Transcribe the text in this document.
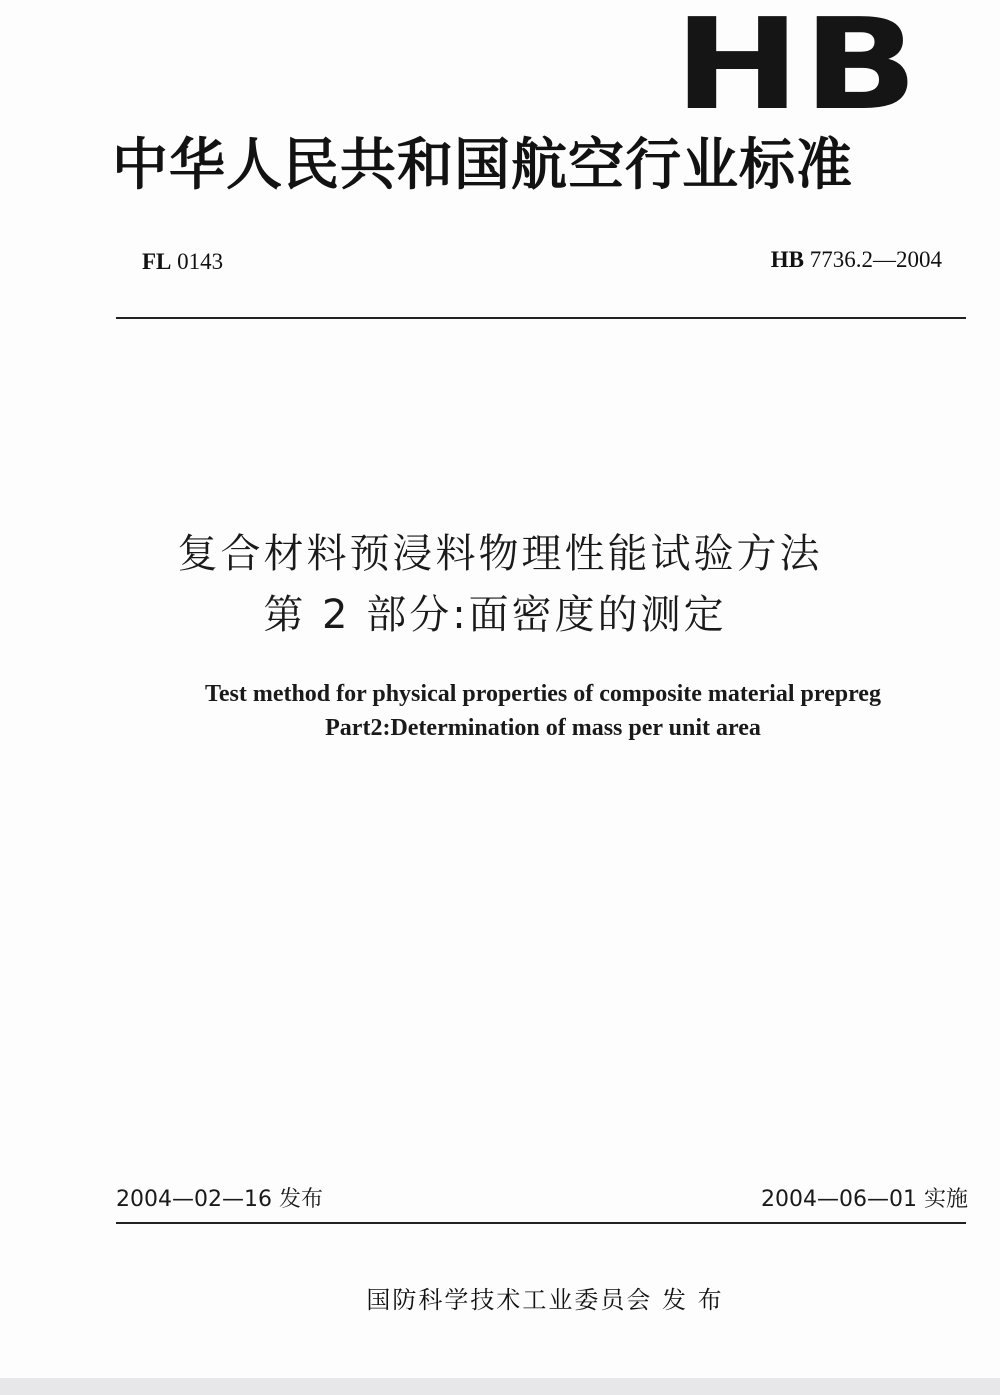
HB
中华人民共和国航空行业标准
FL 0143	HB 7736.2—2004
复合材料预浸料物理性能试验方法
第 2 部分:面密度的测定
Test method for physical properties of composite material prepreg
Part2:Determination of mass per unit area
2004—02—16 发布	2004—06—01 实施
国防科学技术工业委员会 发 布
